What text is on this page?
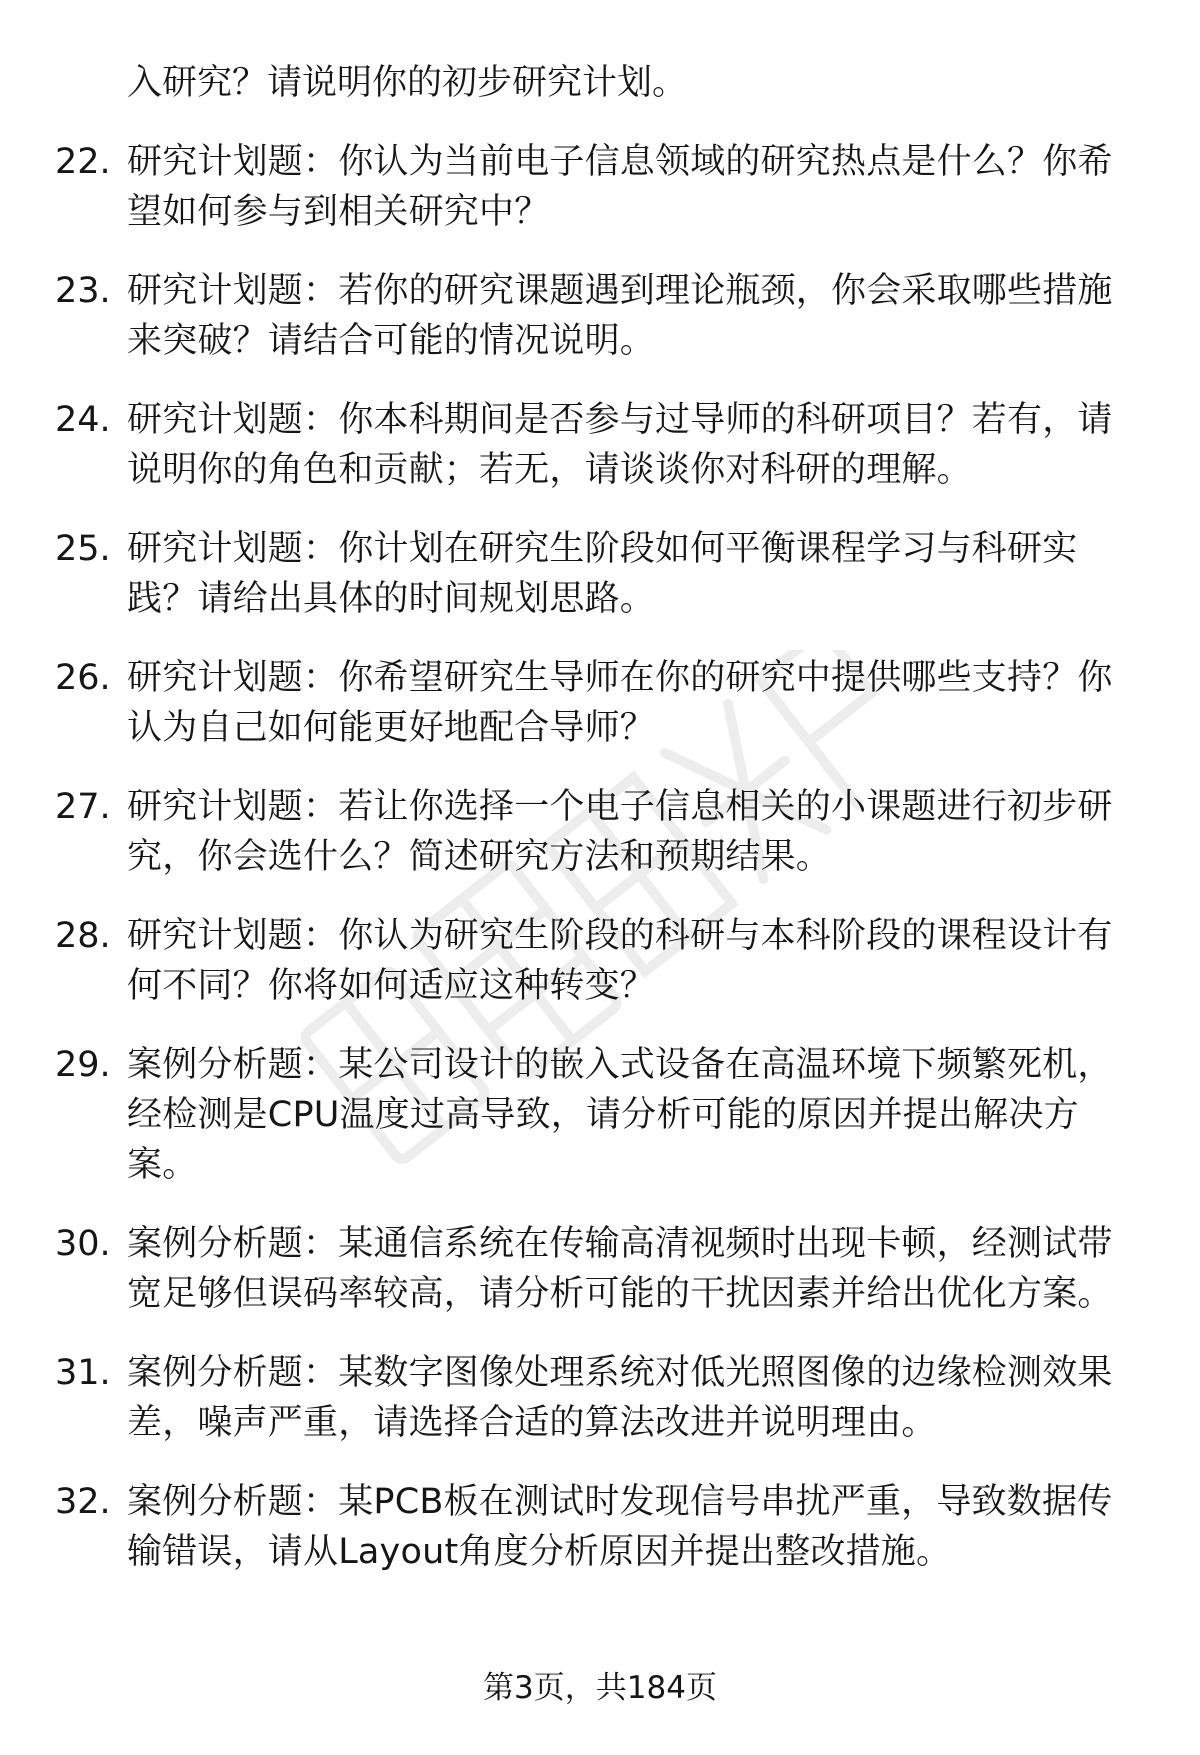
入研究？请说明你的初步研究计划。
22. 研究计划题：你认为当前电子信息领域的研究热点是什么？你希望如何参与到相关研究中？
23. 研究计划题：若你的研究课题遇到理论瓶颈，你会采取哪些措施来突破？请结合可能的情况说明。
24. 研究计划题：你本科期间是否参与过导师的科研项目？若有，请说明你的角色和贡献；若无，请谈谈你对科研的理解。
25. 研究计划题：你计划在研究生阶段如何平衡课程学习与科研实践？请给出具体的时间规划思路。
26. 研究计划题：你希望研究生导师在你的研究中提供哪些支持？你认为自己如何能更好地配合导师？
27. 研究计划题：若让你选择一个电子信息相关的小课题进行初步研究，你会选什么？简述研究方法和预期结果。
28. 研究计划题：你认为研究生阶段的科研与本科阶段的课程设计有何不同？你将如何适应这种转变？
29. 案例分析题：某公司设计的嵌入式设备在高温环境下频繁死机，经检测是CPU温度过高导致，请分析可能的原因并提出解决方案。
30. 案例分析题：某通信系统在传输高清视频时出现卡顿，经测试带宽足够但误码率较高，请分析可能的干扰因素并给出优化方案。
31. 案例分析题：某数字图像处理系统对低光照图像的边缘检测效果差，噪声严重，请选择合适的算法改进并说明理由。
32. 案例分析题：某PCB板在测试时发现信号串扰严重，导致数据传输错误，请从Layout角度分析原因并提出整改措施。
第3页，共184页
